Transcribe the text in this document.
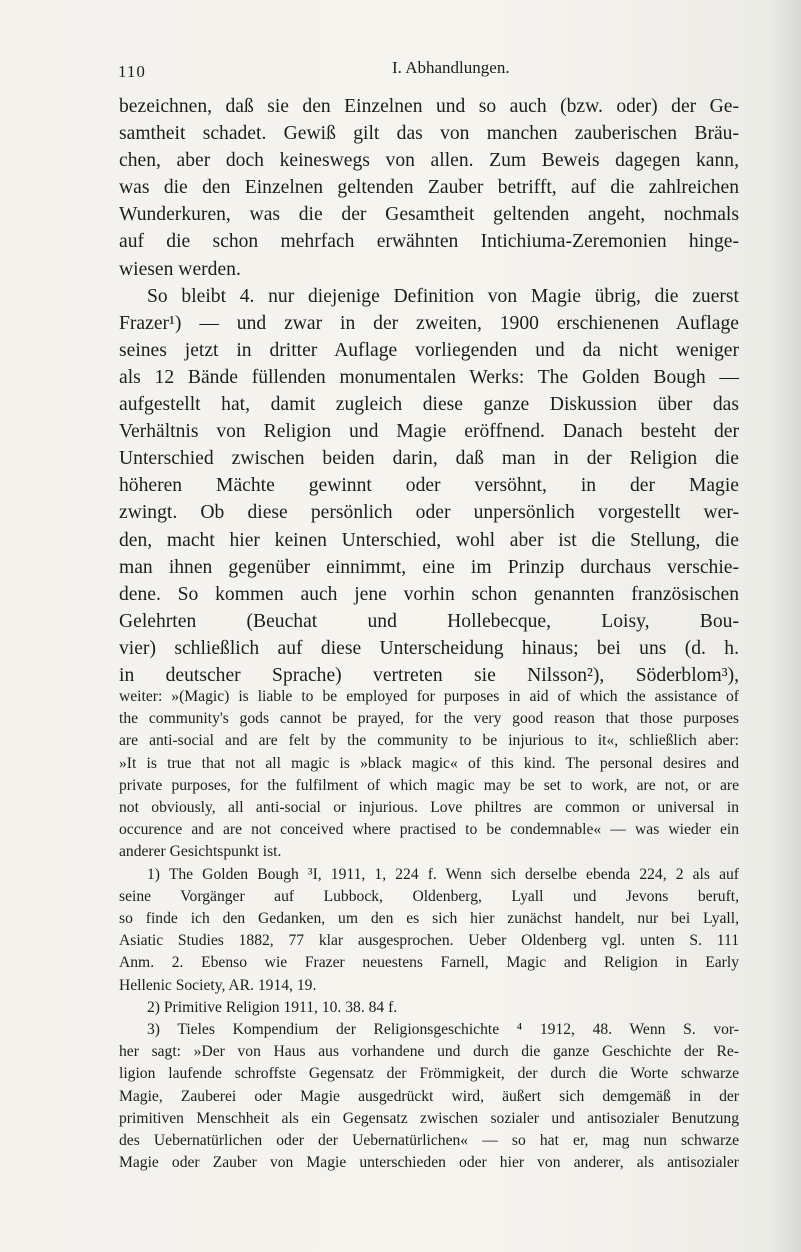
110	I. Abhandlungen.

bezeichnen, daß sie den Einzelnen und so auch (bzw. oder) der Ge-
samtheit schadet. Gewiß gilt das von manchen zauberischen Bräu-
chen, aber doch keineswegs von allen. Zum Beweis dagegen kann,
was die den Einzelnen geltenden Zauber betrifft, auf die zahlreichen
Wunderkuren, was die der Gesamtheit geltenden angeht, nochmals
auf die schon mehrfach erwähnten Intichiuma-Zeremonien hinge-
wiesen werden.

So bleibt 4. nur diejenige Definition von Magie übrig, die zuerst
Frazer¹) — und zwar in der zweiten, 1900 erschienenen Auflage
seines jetzt in dritter Auflage vorliegenden und da nicht weniger
als 12 Bände füllenden monumentalen Werks: The Golden Bough —
aufgestellt hat, damit zugleich diese ganze Diskussion über das
Verhältnis von Religion und Magie eröffnend. Danach besteht der
Unterschied zwischen beiden darin, daß man in der Religion die
höheren Mächte gewinnt oder versöhnt, in der Magie
zwingt. Ob diese persönlich oder unpersönlich vorgestellt wer-
den, macht hier keinen Unterschied, wohl aber ist die Stellung, die
man ihnen gegenüber einnimmt, eine im Prinzip durchaus verschie-
dene. So kommen auch jene vorhin schon genannten französischen
Gelehrten (Beuchat und Hollebecque, Loisy, Bou-
vier) schließlich auf diese Unterscheidung hinaus; bei uns (d. h.
in deutscher Sprache) vertreten sie Nilsson²), Söderblom³),

weiter: »(Magic) is liable to be employed for purposes in aid of which the assistance of
the community's gods cannot be prayed, for the very good reason that those purposes
are anti-social and are felt by the community to be injurious to it«, schließlich aber:
»It is true that not all magic is »black magic« of this kind. The personal desires and
private purposes, for the fulfilment of which magic may be set to work, are not, or are
not obviously, all anti-social or injurious. Love philtres are common or universal in
occurence and are not conceived where practised to be condemnable« — was wieder ein
anderer Gesichtspunkt ist.

1) The Golden Bough ³I, 1911, 1, 224 f. Wenn sich derselbe ebenda 224, 2 als auf
seine Vorgänger auf Lubbock, Oldenberg, Lyall und Jevons beruft,
so finde ich den Gedanken, um den es sich hier zunächst handelt, nur bei Lyall,
Asiatic Studies 1882, 77 klar ausgesprochen. Ueber Oldenberg vgl. unten S. 111
Anm. 2. Ebenso wie Frazer neuestens Farnell, Magic and Religion in Early
Hellenic Society, AR. 1914, 19.

2) Primitive Religion 1911, 10. 38. 84 f.

3) Tieles Kompendium der Religionsgeschichte ⁴ 1912, 48. Wenn S. vor-
her sagt: »Der von Haus aus vorhandene und durch die ganze Geschichte der Re-
ligion laufende schroffste Gegensatz der Frömmigkeit, der durch die Worte schwarze
Magie, Zauberei oder Magie ausgedrückt wird, äußert sich demgemäß in der
primitiven Menschheit als ein Gegensatz zwischen sozialer und antisozialer Benutzung
des Uebernatürlichen oder der Uebernatürlichen« — so hat er, mag nun schwarze
Magie oder Zauber von Magie unterschieden oder hier von anderer, als antisozialer
